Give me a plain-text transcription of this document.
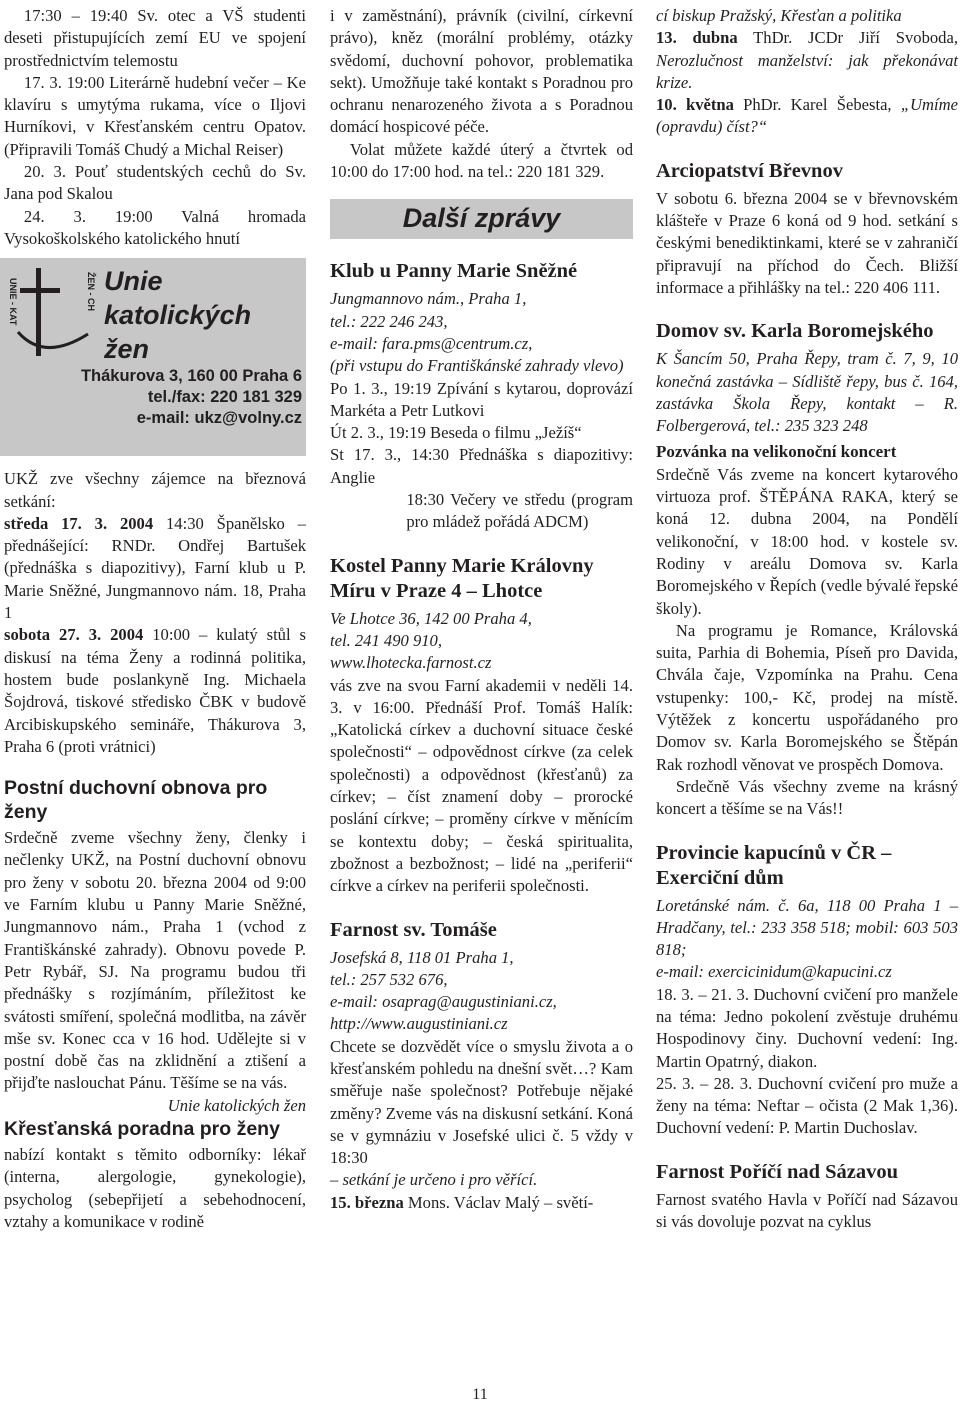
17:30 – 19:40 Sv. otec a VŠ studenti deseti přistupujících zemí EU ve spojení prostřednictvím telemostu

17. 3. 19:00 Literárně hudební večer – Ke klavíru s umytýma rukama, více o Iljovi Hurníkovi, v Křesťanském centru Opatov. (Připravili Tomáš Chudý a Michal Reiser)

20. 3. Pouť studentských cechů do Sv. Jana pod Skalou

24. 3. 19:00 Valná hromada Vysokoškolského katolického hnutí

UNIE - KAT	ŽEN - CH Unie
katolických
žen
Thákurova 3, 160 00 Praha 6
tel./fax: 220 181 329
e-mail: ukz@volny.cz

UKŽ zve všechny zájemce na březnová setkání:

středa 17. 3. 2004 14:30 Španělsko – přednášející: RNDr. Ondřej Bartušek (přednáška s diapozitivy), Farní klub u P. Marie Sněžné, Jungmannovo nám. 18, Praha 1

sobota 27. 3. 2004 10:00 – kulatý stůl s diskusí na téma Ženy a rodinná politika, hostem bude poslankyně Ing. Michaela Šojdrová, tiskové středisko ČBK v budově Arcibiskupského semináře, Thákurova 3, Praha 6 (proti vrátnici)

Postní duchovní obnova pro ženy

Srdečně zveme všechny ženy, členky i nečlenky UKŽ, na Postní duchovní obnovu pro ženy v sobotu 20. března 2004 od 9:00 ve Farním klubu u Panny Marie Sněžné, Jungmannovo nám., Praha 1 (vchod z Františkánské zahrady). Obnovu povede P. Petr Rybář, SJ. Na programu budou tři přednášky s rozjímáním, příležitost ke svátosti smíření, společná modlitba, na závěr mše sv. Konec cca v 16 hod. Udělejte si v postní době čas na zklidnění a ztišení a přijďte naslouchat Pánu. Těšíme se na vás.
Unie katolických žen

Křesťanská poradna pro ženy

nabízí kontakt s těmito odborníky: lékař (interna, alergologie, gynekologie), psycholog (sebepřijetí a sebehodnocení, vztahy a komunikace v rodině

i v zaměstnání), právník (civilní, církevní právo), kněz (morální problémy, otázky svědomí, duchovní pohovor, problematika sekt). Umožňuje také kontakt s Poradnou pro ochranu nenarozeného života a s Poradnou domácí hospicové péče.

Volat můžete každé úterý a čtvrtek od 10:00 do 17:00 hod. na tel.: 220 181 329.

Další zprávy
Klub u Panny Marie Sněžné

Jungmannovo nám., Praha 1,

tel.: 222 246 243,

e-mail: fara.pms@centrum.cz,

(při vstupu do Františkánské zahrady vlevo)

Po 1. 3., 19:19 Zpívání s kytarou, doprovází Markéta a Petr Lutkovi

Út 2. 3., 19:19 Beseda o filmu „Ježíš“

St 17. 3., 14:30 Přednáška s diapozitivy: Anglie

18:30 Večery ve středu (program pro mládež pořádá ADCM)

Kostel Panny Marie Královny Míru v Praze 4 – Lhotce

Ve Lhotce 36, 142 00 Praha 4,

tel. 241 490 910,

www.lhotecka.farnost.cz

vás zve na svou Farní akademii v neděli 14. 3. v 16:00. Přednáší Prof. Tomáš Halík: „Katolická církev a duchovní situace české společnosti“ – odpovědnost církve (za celek společnosti) a odpovědnost (křesťanů) za církev; – číst znamení doby – prorocké poslání církve; – proměny církve v měnícím se kontextu doby; – česká spiritualita, zbožnost a bezbožnost; – lidé na „periferii“ církve a církev na periferii společnosti.

Farnost sv. Tomáše

Josefská 8, 118 01 Praha 1,

tel.: 257 532 676,

e-mail: osaprag@augustiniani.cz,

http://www.augustiniani.cz

Chcete se dozvědět více o smyslu života a o křesťanském pohledu na dnešní svět…? Kam směřuje naše společnost? Potřebuje nějaké změny? Zveme vás na diskusní setkání. Koná se v gymnáziu v Josefské ulici č. 5 vždy v 18:30

– setkání je určeno i pro věřící.

15. března Mons. Václav Malý – světí-

cí biskup Pražský, Křesťan a politika

13. dubna ThDr. JCDr Jiří Svoboda, Nerozlučnost manželství: jak překonávat krize.

10. května PhDr. Karel Šebesta, „Umíme (opravdu) číst?“

Arciopatství Břevnov

V sobotu 6. března 2004 se v břevnovském klášteře v Praze 6 koná od 9 hod. setkání s českými benediktinkami, které se v zahraničí připravují na příchod do Čech. Bližší informace a přihlášky na tel.: 220 406 111.

Domov sv. Karla Boromejského

K Šancím 50, Praha Řepy, tram č. 7, 9, 10 konečná zastávka – Sídliště řepy, bus č. 164, zastávka Škola Řepy, kontakt – R. Folbergerová, tel.: 235 323 248

Pozvánka na velikonoční koncert

Srdečně Vás zveme na koncert kytarového virtuoza prof. ŠTĚPÁNA RAKA, který se koná 12. dubna 2004, na Pondělí velikonoční, v 18:00 hod. v kostele sv. Rodiny v areálu Domova sv. Karla Boromejského v Řepích (vedle bývalé řepské školy).

Na programu je Romance, Královská suita, Parhia di Bohemia, Píseň pro Davida, Chvála čaje, Vzpomínka na Prahu. Cena vstupenky: 100,- Kč, prodej na místě. Výtěžek z koncertu uspořádaného pro Domov sv. Karla Boromejského se Štěpán Rak rozhodl věnovat ve prospěch Domova.

Srdečně Vás všechny zveme na krásný koncert a těšíme se na Vás!!

Provincie kapucínů v ČR – Exerciční dům

Loretánské nám. č. 6a, 118 00 Praha 1 – Hradčany, tel.: 233 358 518; mobil: 603 503 818;

e-mail: exercicinidum@kapucini.cz

18. 3. – 21. 3. Duchovní cvičení pro manžele na téma: Jedno pokolení zvěstuje druhému Hospodinovy činy. Duchovní vedení: Ing. Martin Opatrný, diakon.

25. 3. – 28. 3. Duchovní cvičení pro muže a ženy na téma: Neftar – očista (2 Mak 1,36). Duchovní vedení: P. Martin Duchoslav.

Farnost Poříčí nad Sázavou

Farnost svatého Havla v Poříčí nad Sázavou si vás dovoluje pozvat na cyklus

11
